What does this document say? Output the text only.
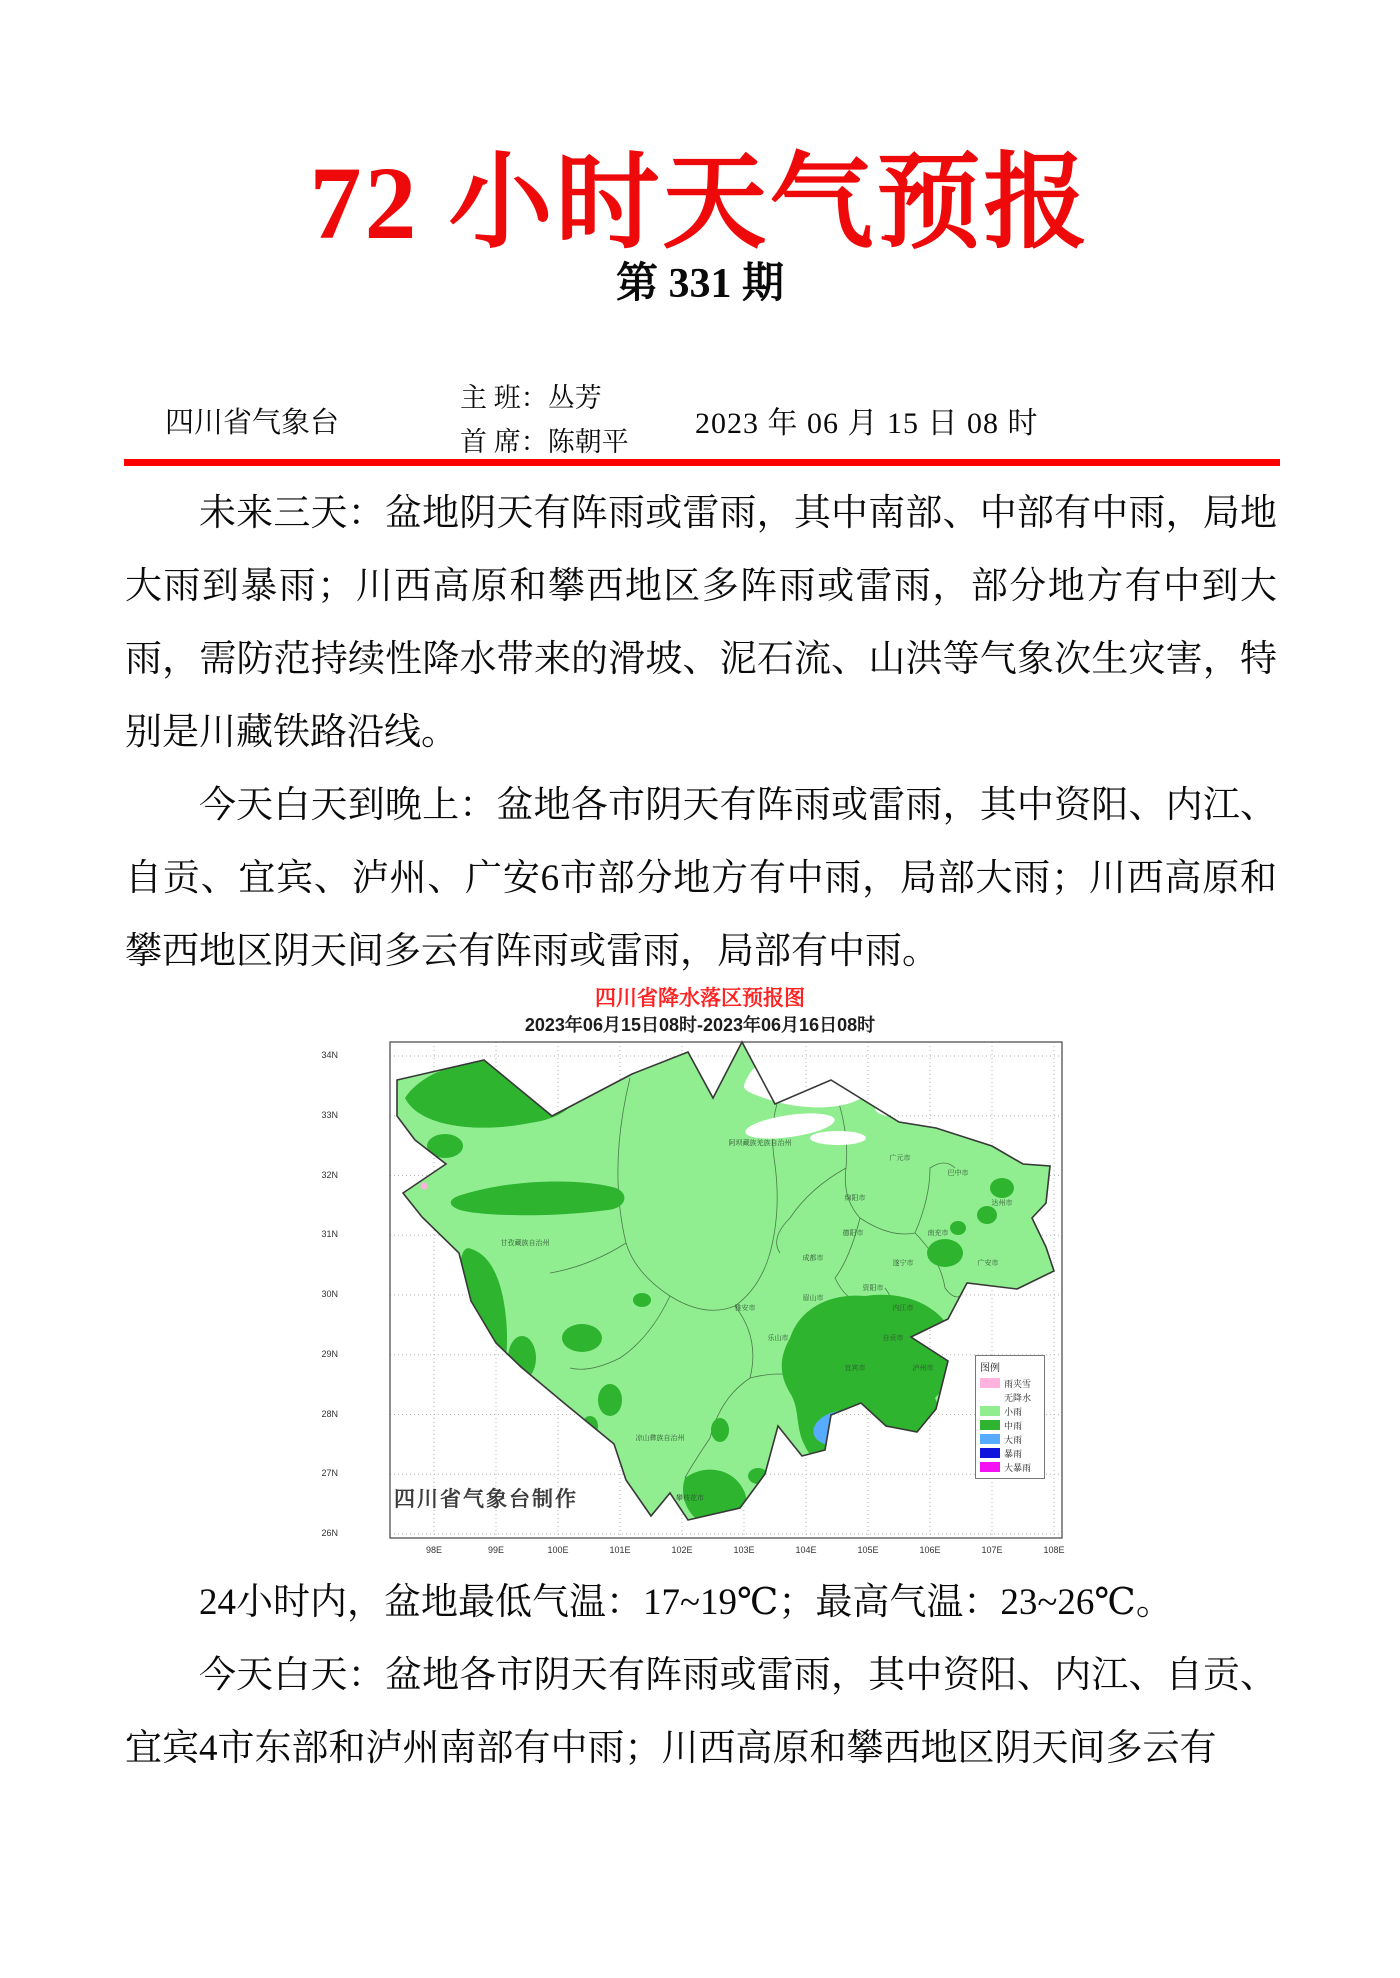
72 小时天气预报
第 331 期
四川省气象台
主 班：丛芳
首 席：陈朝平
2023 年 06 月 15 日 08 时

未来三天：盆地阴天有阵雨或雷雨，其中南部、中部有中雨，局地大雨到暴雨；川西高原和攀西地区多阵雨或雷雨，部分地方有中到大雨，需防范持续性降水带来的滑坡、泥石流、山洪等气象次生灾害，特别是川藏铁路沿线。

今天白天到晚上：盆地各市阴天有阵雨或雷雨，其中资阳、内江、自贡、宜宾、泸州、广安6市部分地方有中雨，局部大雨；川西高原和攀西地区阴天间多云有阵雨或雷雨，局部有中雨。

四川省降水落区预报图
2023年06月15日08时-2023年06月16日08时
34N
33N
32N
31N
30N
29N
28N
27N
26N
98E	99E	100E	101E	102E	103E	104E	105E	106E	107E	108E
甘孜藏族自治州
阿坝藏族羌族自治州
凉山彝族自治州
广元市
巴中市
达州市
绵阳市
南充市
广安市
遂宁市
德阳市
成都市
资阳市
眉山市
雅安市
乐山市
内江市
自贡市
宜宾市	泸州市
攀枝花市
图例
雨夹雪
无降水
小雨
中雨
大雨
暴雨
大暴雨
四川省气象台制作

24小时内，盆地最低气温：17~19℃；最高气温：23~26℃。

今天白天：盆地各市阴天有阵雨或雷雨，其中资阳、内江、自贡、宜宾4市东部和泸州南部有中雨；川西高原和攀西地区阴天间多云有
